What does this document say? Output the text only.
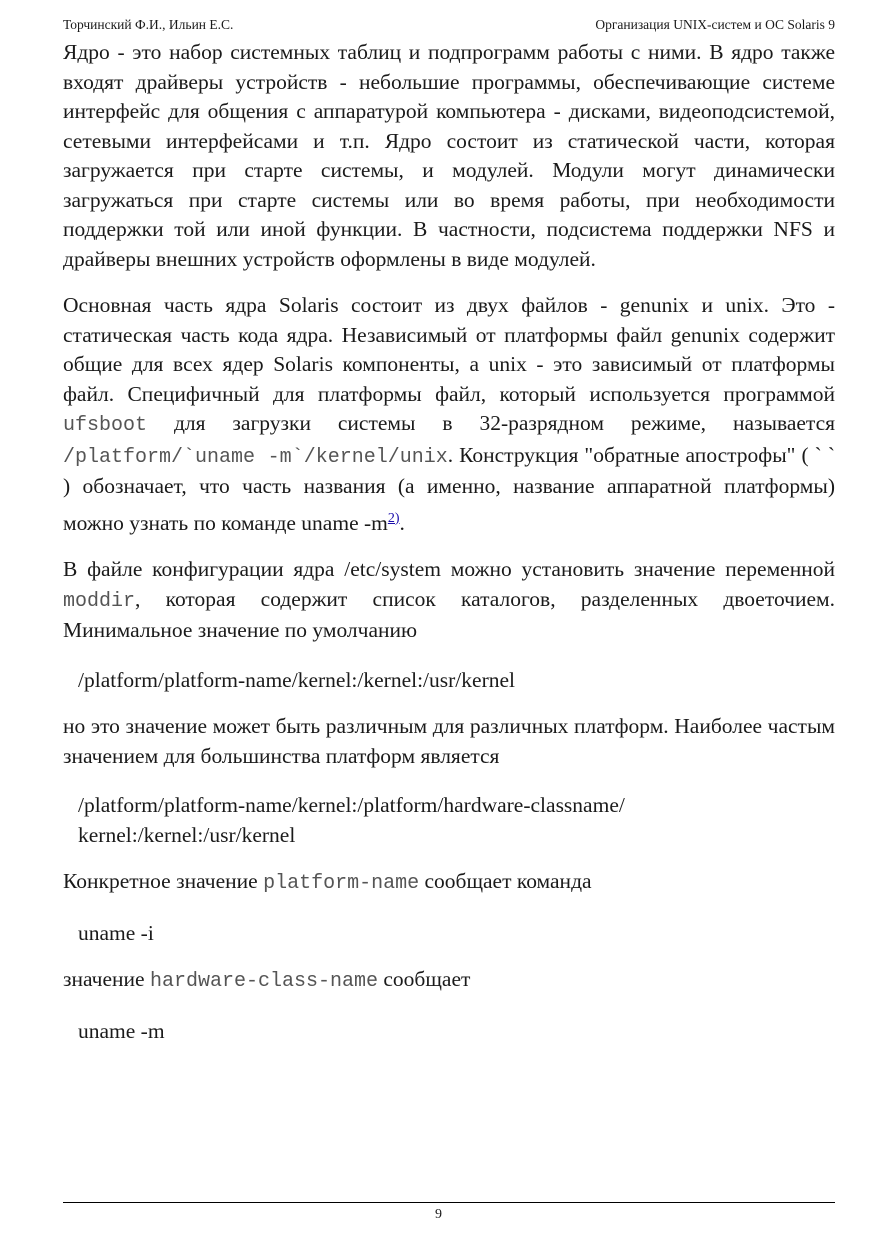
Торчинский Ф.И., Ильин Е.С.	Организация UNIX-систем и ОС Solaris 9

Ядро - это набор системных таблиц и подпрограмм работы с ними. В ядро также входят драйверы устройств - небольшие программы, обеспечивающие системе интерфейс для общения с аппаратурой компьютера - дисками, видеоподсистемой, сетевыми интерфейсами и т.п. Ядро состоит из статической части, которая загружается при старте системы, и модулей. Модули могут динамически загружаться при старте системы или во время работы, при необходимости поддержки той или иной функции. В частности, подсистема поддержки NFS и драйверы внешних устройств оформлены в виде модулей.

Основная часть ядра Solaris состоит из двух файлов - genunix и unix. Это - статическая часть кода ядра. Независимый от платформы файл genunix содержит общие для всех ядер Solaris компоненты, а unix - это зависимый от платформы файл. Специфичный для платформы файл, который используется программой ufsboot для загрузки системы в 32-разрядном режиме, называется /platform/`uname -m`/kernel/unix. Конструкция "обратные апострофы" ( ` ` ) обозначает, что часть названия (а именно, название аппаратной платформы) можно узнать по команде uname -m$^{2)}$.

В файле конфигурации ядра /etc/system можно установить значение переменной moddir, которая содержит список каталогов, разделенных двоеточием. Минимальное значение по умолчанию

/platform/platform-name/kernel:/kernel:/usr/kernel

но это значение может быть различным для различных платформ. Наиболее частым значением для большинства платформ является

/platform/platform-name/kernel:/platform/hardware-classname/
kernel:/kernel:/usr/kernel

Конкретное значение platform-name сообщает команда

uname -i

значение hardware-class-name сообщает

uname -m

9
